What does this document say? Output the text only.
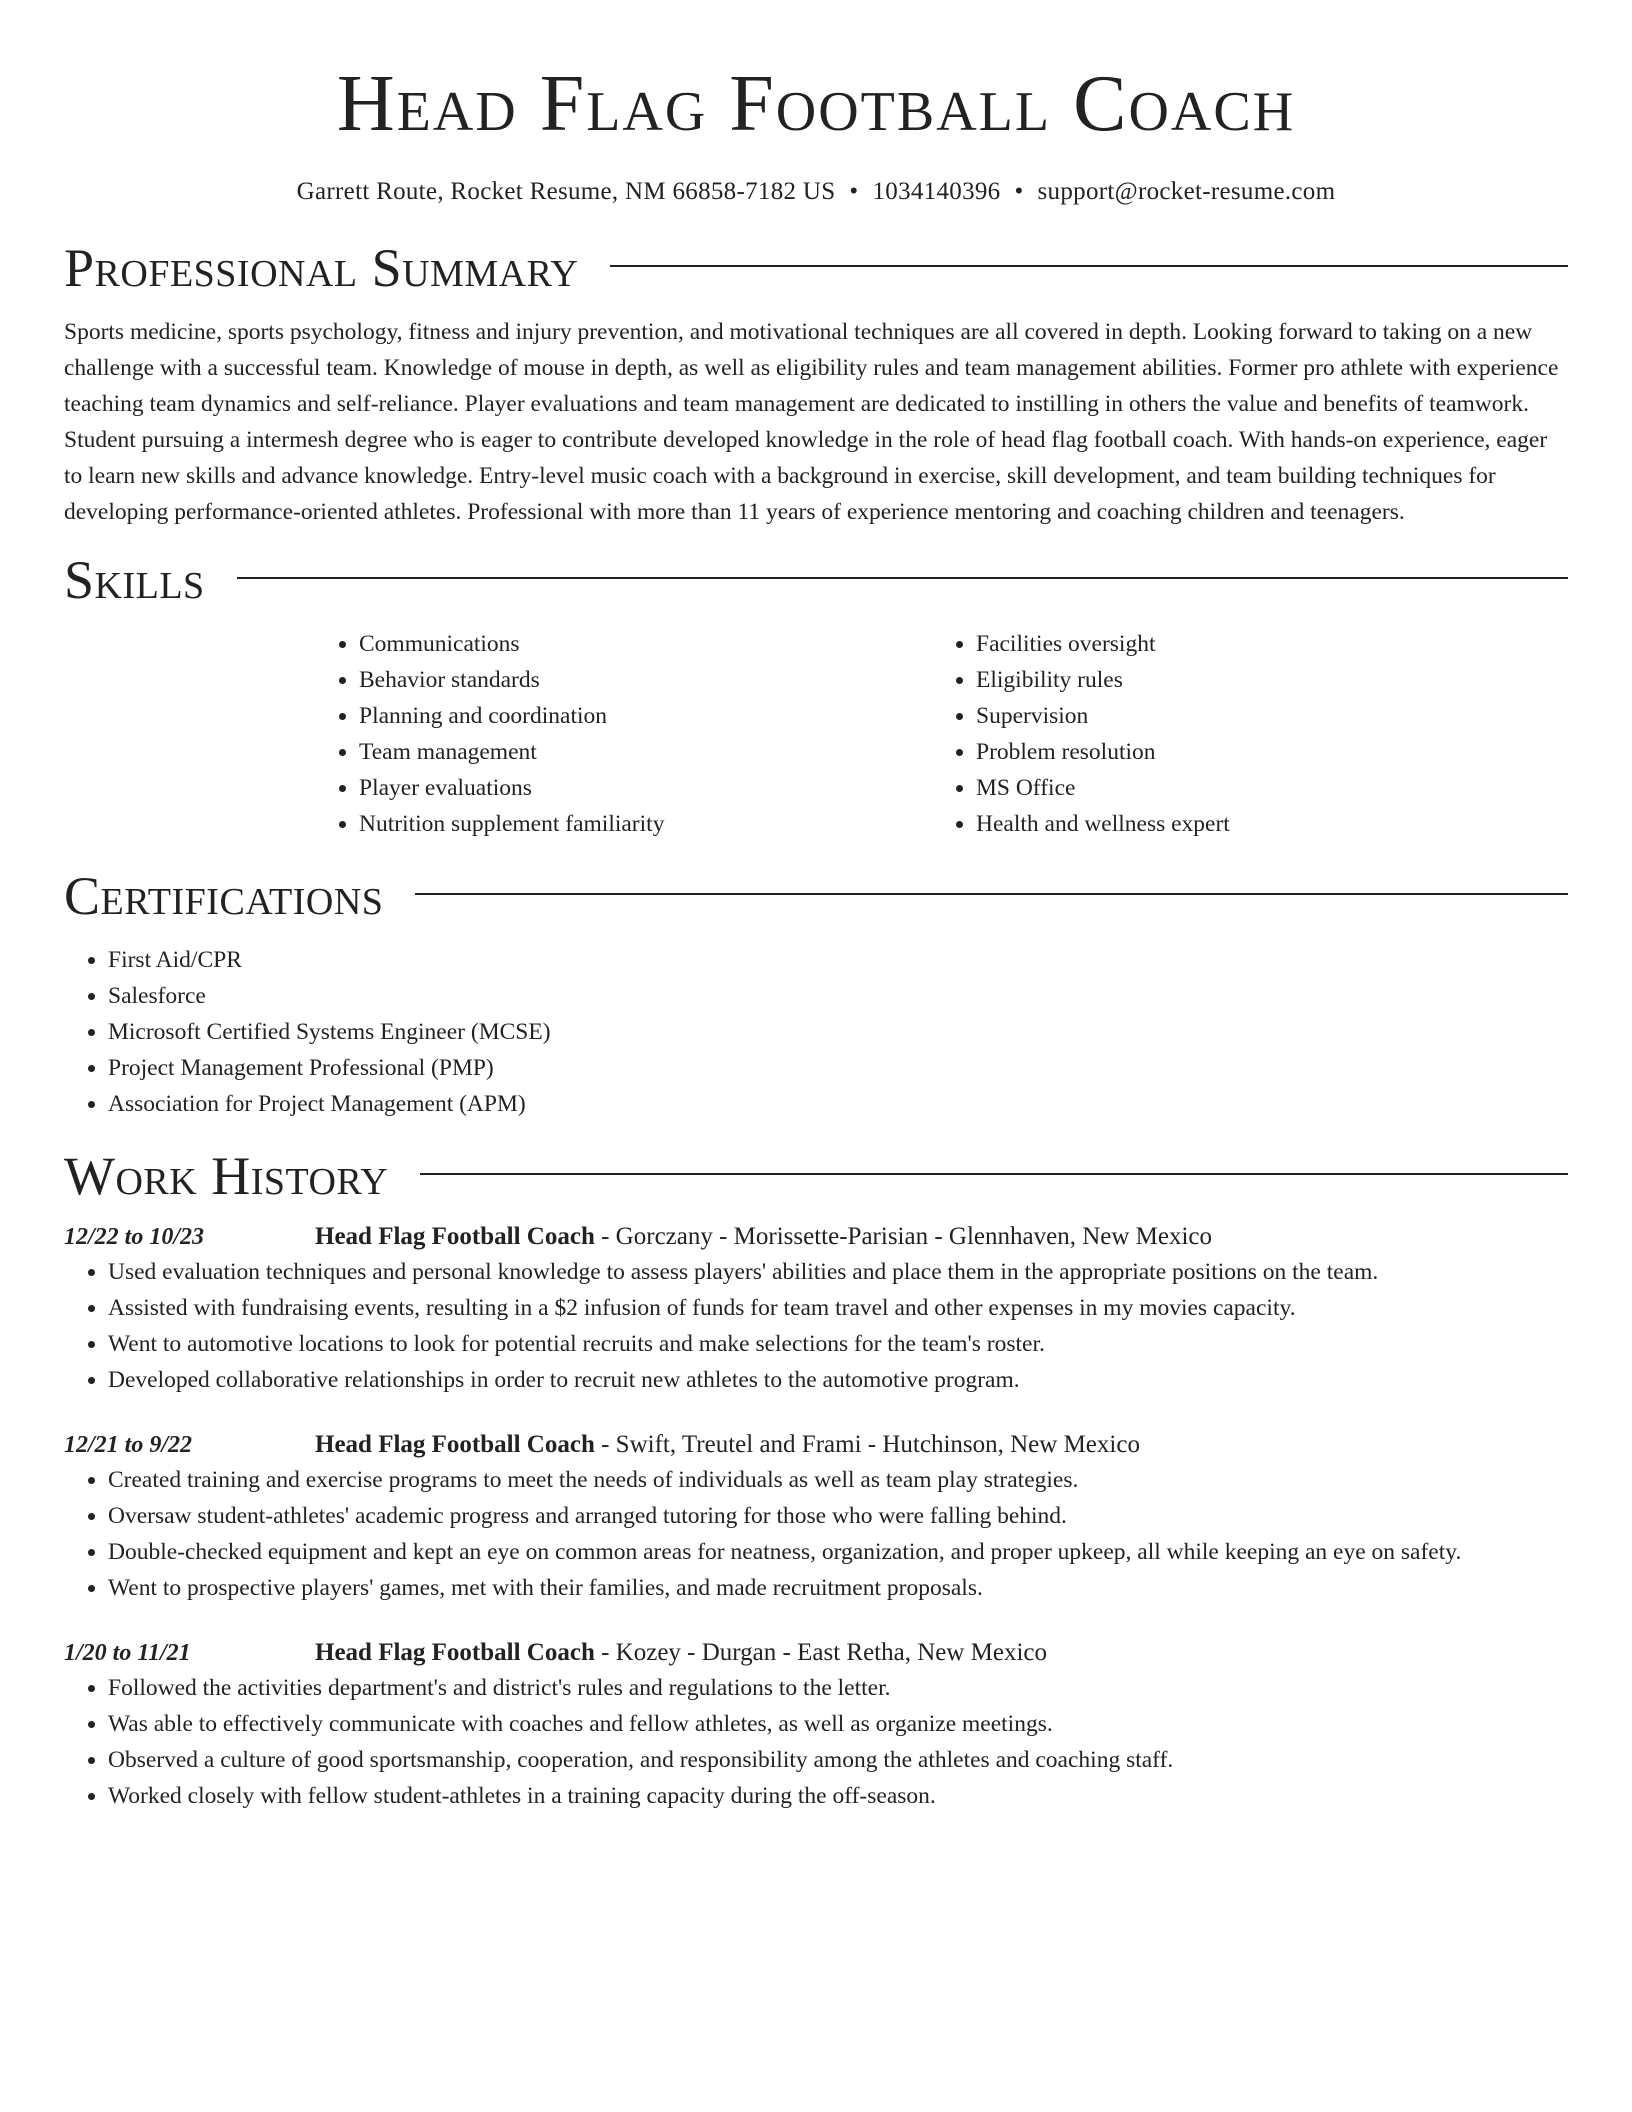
Head Flag Football Coach
Garrett Route, Rocket Resume, NM 66858-7182 US • 1034140396 • support@rocket-resume.com
Professional Summary

Sports medicine, sports psychology, fitness and injury prevention, and motivational techniques are all covered in depth. Looking forward to taking on a new challenge with a successful team. Knowledge of mouse in depth, as well as eligibility rules and team management abilities. Former pro athlete with experience teaching team dynamics and self-reliance. Player evaluations and team management are dedicated to instilling in others the value and benefits of teamwork. Student pursuing a intermesh degree who is eager to contribute developed knowledge in the role of head flag football coach. With hands-on experience, eager to learn new skills and advance knowledge. Entry-level music coach with a background in exercise, skill development, and team building techniques for developing performance-oriented athletes. Professional with more than 11 years of experience mentoring and coaching children and teenagers.

Skills
• Communications
• Behavior standards
• Planning and coordination
• Team management
• Player evaluations
• Nutrition supplement familiarity
• Facilities oversight
• Eligibility rules
• Supervision
• Problem resolution
• MS Office
• Health and wellness expert
Certifications
• First Aid/CPR
• Salesforce
• Microsoft Certified Systems Engineer (MCSE)
• Project Management Professional (PMP)
• Association for Project Management (APM)
Work History
12/22 to 10/23	Head Flag Football Coach - Gorczany - Morissette-Parisian - Glennhaven, New Mexico
• Used evaluation techniques and personal knowledge to assess players' abilities and place them in the appropriate positions on the team.
• Assisted with fundraising events, resulting in a $2 infusion of funds for team travel and other expenses in my movies capacity.
• Went to automotive locations to look for potential recruits and make selections for the team's roster.
• Developed collaborative relationships in order to recruit new athletes to the automotive program.
12/21 to 9/22	Head Flag Football Coach - Swift, Treutel and Frami - Hutchinson, New Mexico
• Created training and exercise programs to meet the needs of individuals as well as team play strategies.
• Oversaw student-athletes' academic progress and arranged tutoring for those who were falling behind.
• Double-checked equipment and kept an eye on common areas for neatness, organization, and proper upkeep, all while keeping an eye on safety.
• Went to prospective players' games, met with their families, and made recruitment proposals.
1/20 to 11/21	Head Flag Football Coach - Kozey - Durgan - East Retha, New Mexico
• Followed the activities department's and district's rules and regulations to the letter.
• Was able to effectively communicate with coaches and fellow athletes, as well as organize meetings.
• Observed a culture of good sportsmanship, cooperation, and responsibility among the athletes and coaching staff.
• Worked closely with fellow student-athletes in a training capacity during the off-season.
